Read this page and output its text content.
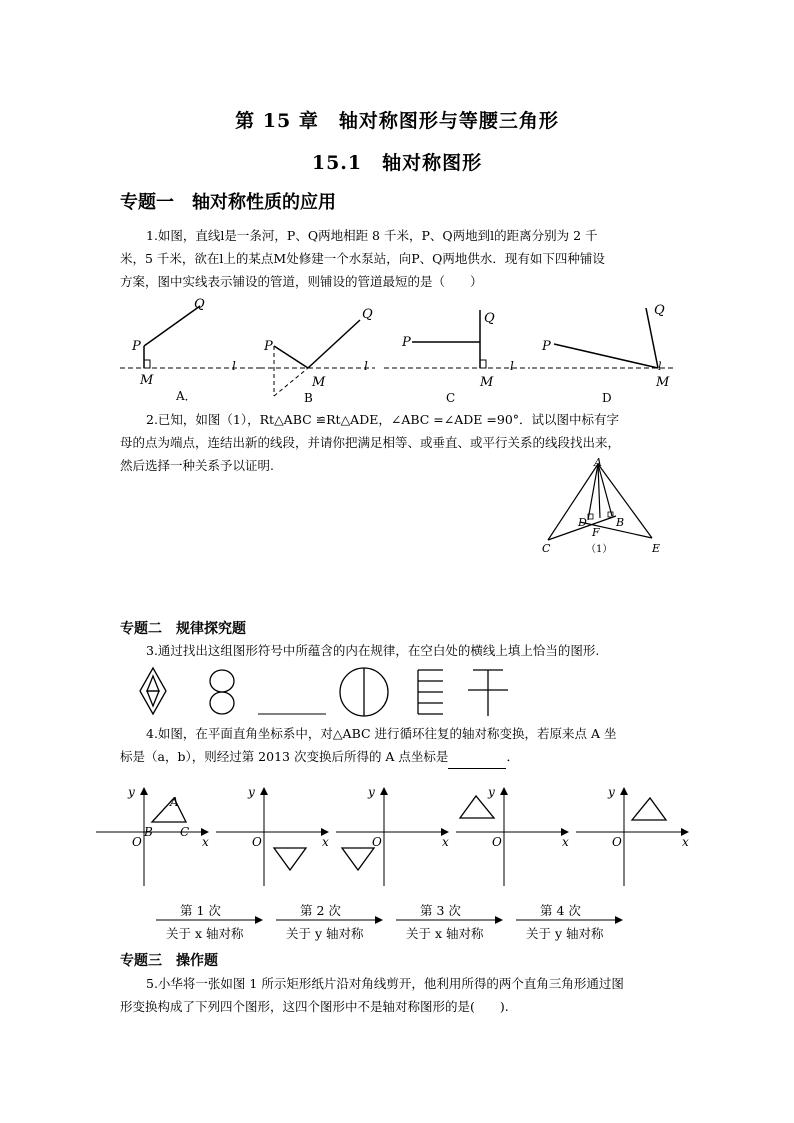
第 15 章　轴对称图形与等腰三角形
15.1　轴对称图形
专题一　轴对称性质的应用

1.如图，直线l是一条河，P、Q两地相距 8 千米，P、Q两地到l的距离分别为 2 千

米，5 千米，欲在l上的某点M处修建一个水泵站，向P、Q两地供水．现有如下四种铺设

方案，图中实线表示铺设的管道，则铺设的管道最短的是（　　）

Q
P
M
l
A．
P
Q
M
l
B
P
Q
M
l
C
P
Q
M
l
D

2.已知，如图（1），Rt△ABC ≌Rt△ADE，∠ABC =∠ADE =90°．试以图中标有字

母的点为端点，连结出新的线段，并请你把满足相等、或垂直、或平行关系的线段找出来，

然后选择一种关系予以证明.	A
D	B
F
C	E
（1）
专题二　规律探究题

3.通过找出这组图形符号中所蕴含的内在规律，在空白处的横线上填上恰当的图形.

4.如图，在平面直角坐标系中，对△ABC 进行循环往复的轴对称变换，若原来点 A 坐

标是（a，b），则经过第 2013 次变换后所得的 A 点坐标是	．

y
O	x
A
B C
y
O	x
y
O	x
y
O	x
y
O	x
第 1 次
关于 x 轴对称
第 2 次
关于 y 轴对称
第 3 次
关于 x 轴对称
第 4 次
关于 y 轴对称
专题三　操作题

5.小华将一张如图 1 所示矩形纸片沿对角线剪开，他利用所得的两个直角三角形通过图

形变换构成了下列四个图形，这四个图形中不是轴对称图形的是(　　).
